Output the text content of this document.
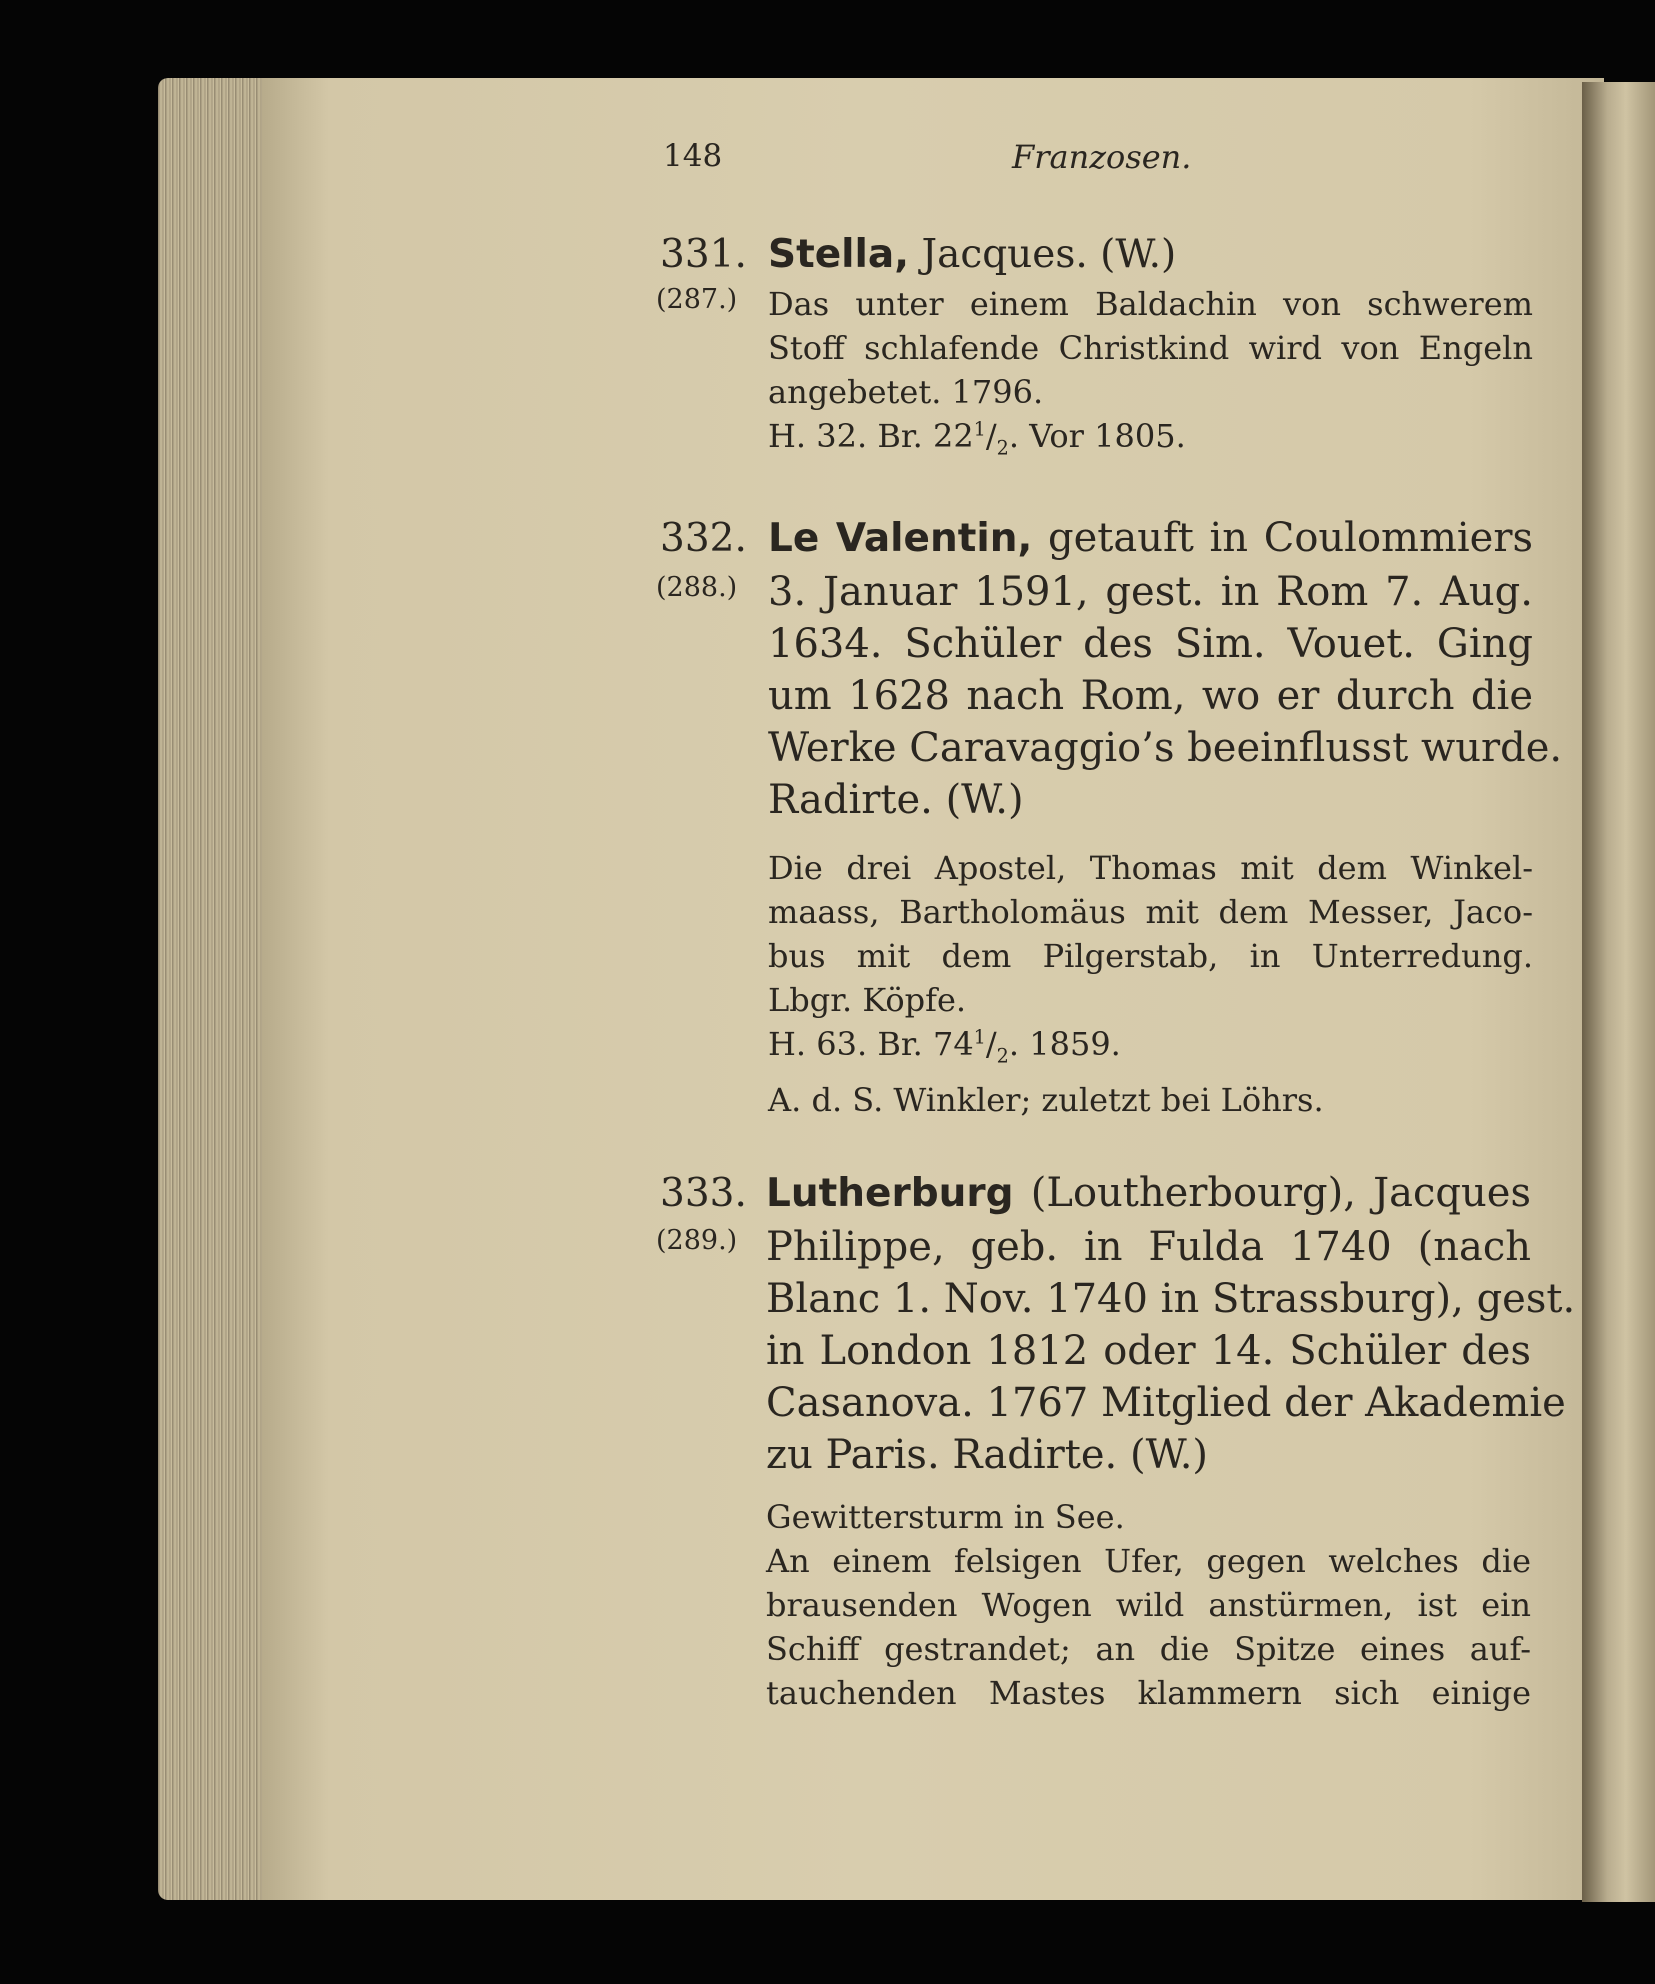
148	Franzosen.
331. Stella, Jacques. (W.)
(287.) Das unter einem Baldachin von schwerem
Stoff schlafende Christkind wird von Engeln
angebetet. 1796.
H. 32. Br. $22^1/_2$. Vor 1805.
332. Le Valentin, getauft in Coulommiers
(288.) 3. Januar 1591, gest. in Rom 7. Aug.
1634. Schüler des Sim. Vouet. Ging
um 1628 nach Rom, wo er durch die
Werke Caravaggio’s beeinflusst wurde.
Radirte. (W.)
Die drei Apostel, Thomas mit dem Winkel-
maass, Bartholomäus mit dem Messer, Jaco-
bus mit dem Pilgerstab, in Unterredung.
Lbgr. Köpfe.
H. 63. Br. $74^1/_2$. 1859.
A. d. S. Winkler; zuletzt bei Löhrs.
333. Lutherburg (Loutherbourg), Jacques
(289.) Philippe, geb. in Fulda 1740 (nach
Blanc 1. Nov. 1740 in Strassburg), gest.
in London 1812 oder 14. Schüler des
Casanova. 1767 Mitglied der Akademie
zu Paris. Radirte. (W.)
Gewittersturm in See.
An einem felsigen Ufer, gegen welches die
brausenden Wogen wild anstürmen, ist ein
Schiff gestrandet; an die Spitze eines auf-
tauchenden Mastes klammern sich einige
